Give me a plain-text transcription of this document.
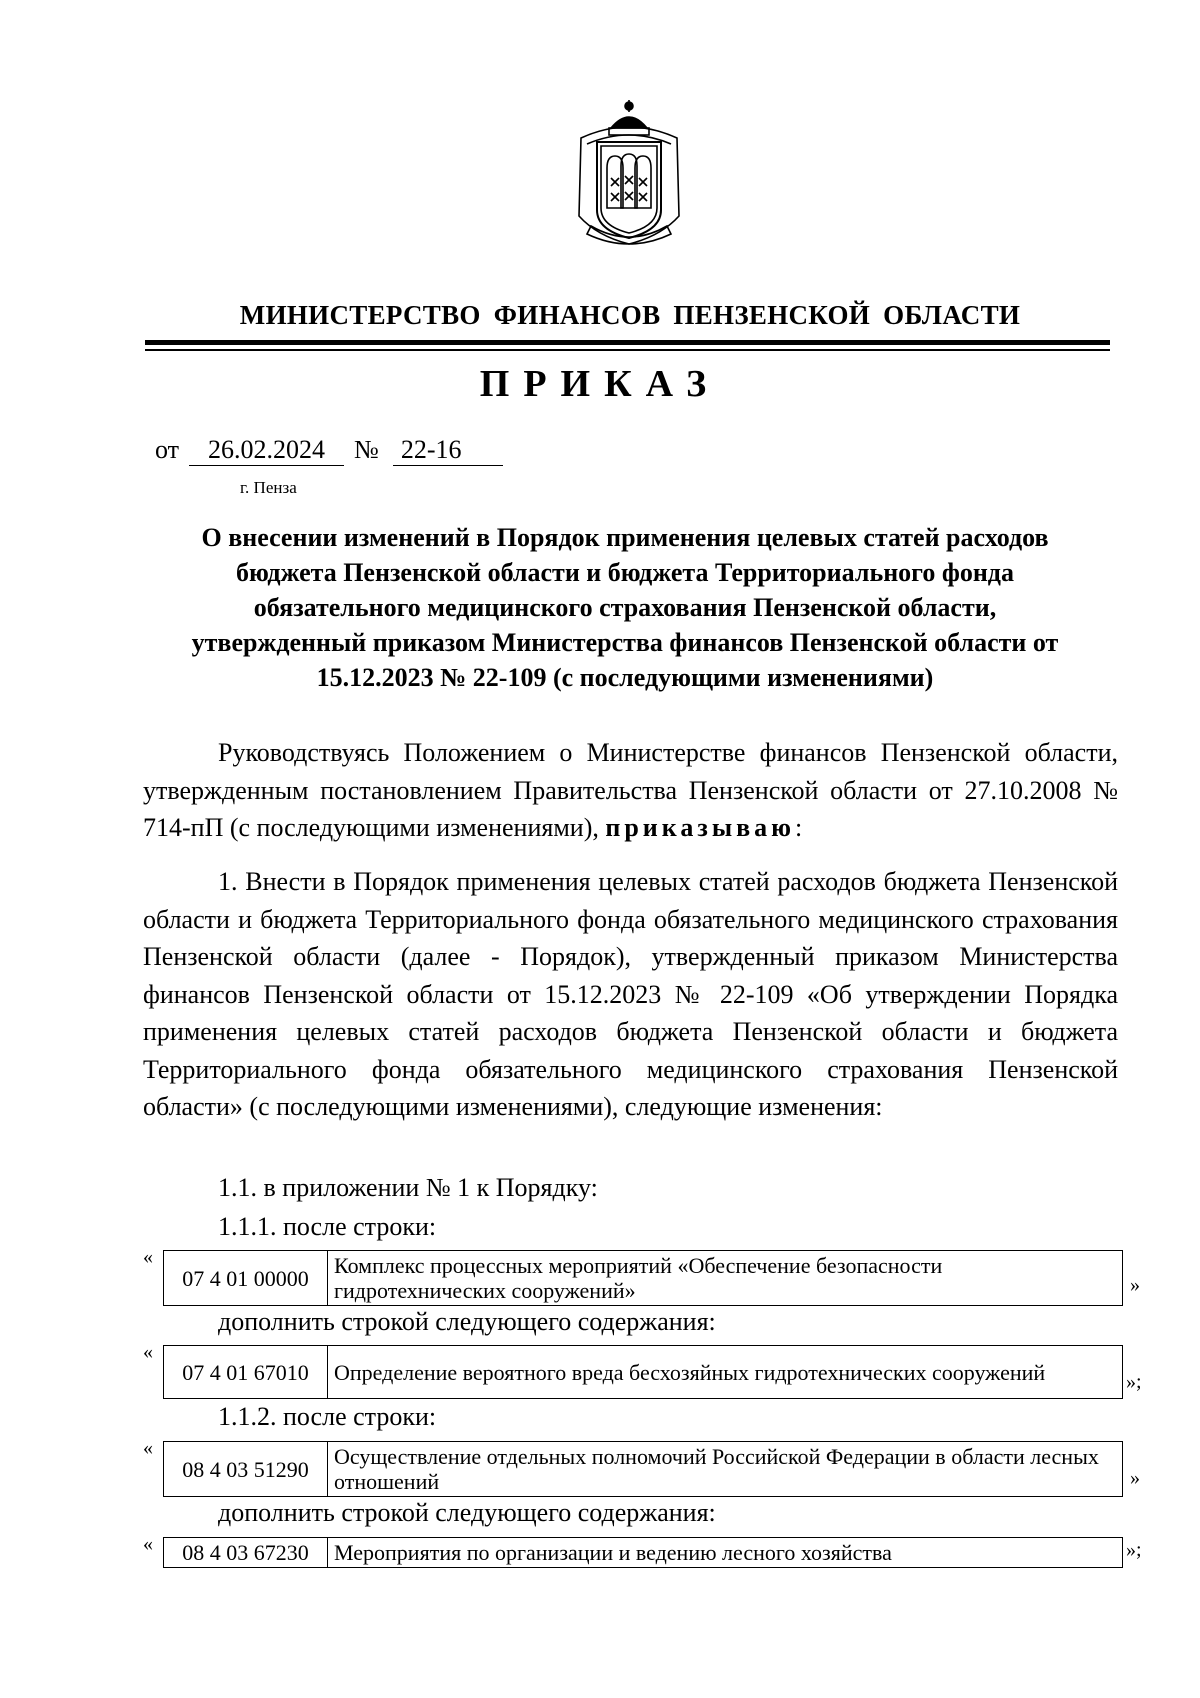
МИНИСТЕРСТВО ФИНАНСОВ ПЕНЗЕНСКОЙ ОБЛАСТИ
ПРИКАЗ
от 26.02.2024 № 22-16
г. Пенза
О внесении изменений в Порядок применения целевых статей расходов
бюджета Пензенской области и бюджета Территориального фонда
обязательного медицинского страхования Пензенской области,
утвержденный приказом Министерства финансов Пензенской области от
15.12.2023 № 22-109 (с последующими изменениями)

Руководствуясь Положением о Министерстве финансов Пензенской области, утвержденным постановлением Правительства Пензенской области от 27.10.2008 № 714-пП (с последующими изменениями), приказываю:

1. Внести в Порядок применения целевых статей расходов бюджета Пензенской области и бюджета Территориального фонда обязательного медицинского страхования Пензенской области (далее - Порядок), утвержденный приказом Министерства финансов Пензенской области от 15.12.2023 № 22-109 «Об утверждении Порядка применения целевых статей расходов бюджета Пензенской области и бюджета Территориального фонда обязательного медицинского страхования Пензенской области» (с последующими изменениями), следующие изменения:

1.1. в приложении № 1 к Порядку:
1.1.1. после строки:
«
07 4 01 00000	Комплекс процессных мероприятий «Обеспечение безопасности гидротехнических сооружений»	»
дополнить строкой следующего содержания:
«
07 4 01 67010	Определение вероятного вреда бесхозяйных гидротехнических сооружений	»;
1.1.2. после строки:
«
08 4 03 51290	Осуществление отдельных полномочий Российской Федерации в области лесных отношений	»
дополнить строкой следующего содержания:
« 08 4 03 67230	Мероприятия по организации и ведению лесного хозяйства	»;
